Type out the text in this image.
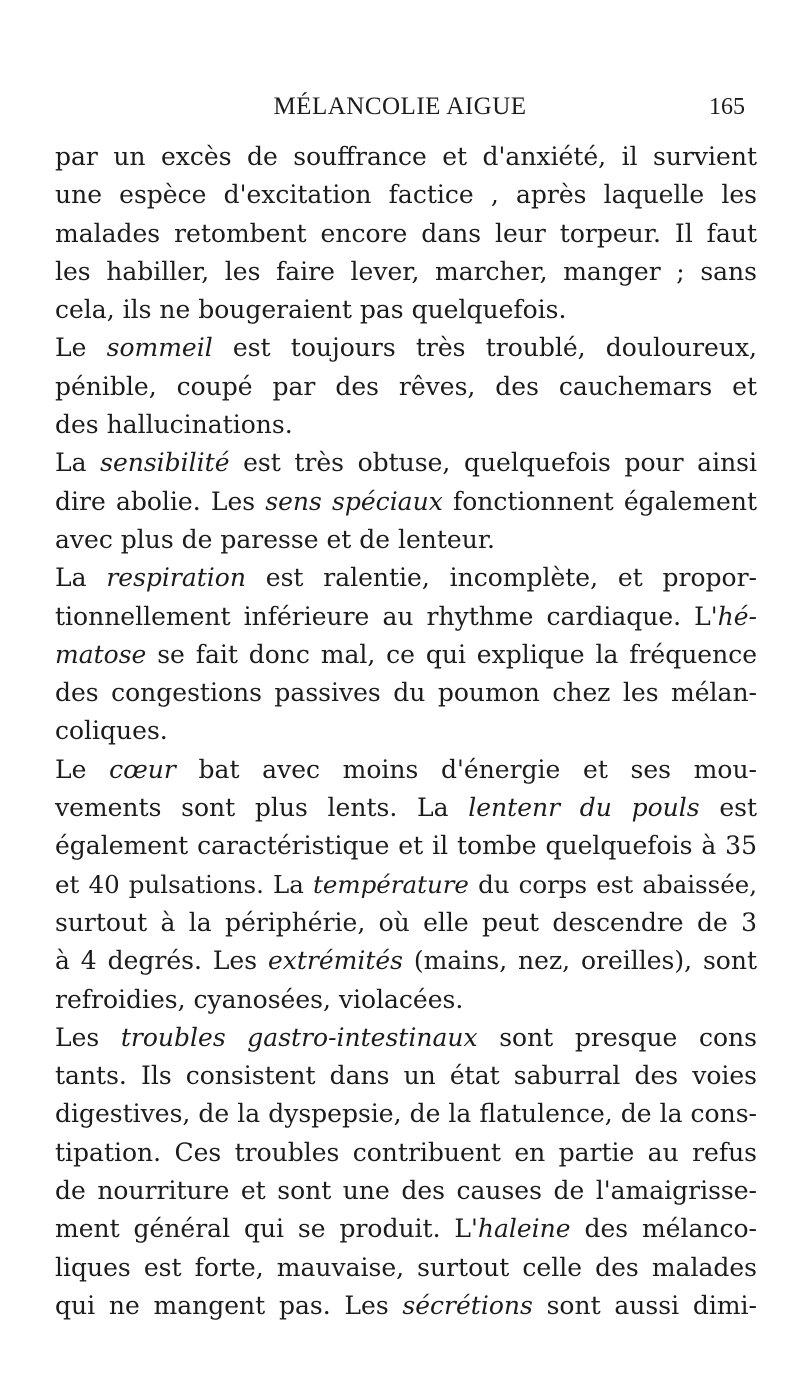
MÉLANCOLIE AIGUE	165
par un excès de souffrance et d'anxiété, il survient
une espèce d'excitation factice , après laquelle les
malades retombent encore dans leur torpeur. Il faut
les habiller, les faire lever, marcher, manger ; sans
cela, ils ne bougeraient pas quelquefois.
Le sommeil est toujours très troublé, douloureux,
pénible, coupé par des rêves, des cauchemars et
des hallucinations.
La sensibilité est très obtuse, quelquefois pour ainsi
dire abolie. Les sens spéciaux fonctionnent également
avec plus de paresse et de lenteur.
La respiration est ralentie, incomplète, et propor-
tionnellement inférieure au rhythme cardiaque. L'hé-
matose se fait donc mal, ce qui explique la fréquence
des congestions passives du poumon chez les mélan-
coliques.
Le cœur bat avec moins d'énergie et ses mou-
vements sont plus lents. La lentenr du pouls est
également caractéristique et il tombe quelquefois à 35
et 40 pulsations. La température du corps est abaissée,
surtout à la périphérie, où elle peut descendre de 3
à 4 degrés. Les extrémités (mains, nez, oreilles), sont
refroidies, cyanosées, violacées.
Les troubles gastro-intestinaux sont presque cons
tants. Ils consistent dans un état saburral des voies
digestives, de la dyspepsie, de la flatulence, de la cons-
tipation. Ces troubles contribuent en partie au refus
de nourriture et sont une des causes de l'amaigrisse-
ment général qui se produit. L'haleine des mélanco-
liques est forte, mauvaise, surtout celle des malades
qui ne mangent pas. Les sécrétions sont aussi dimi-
